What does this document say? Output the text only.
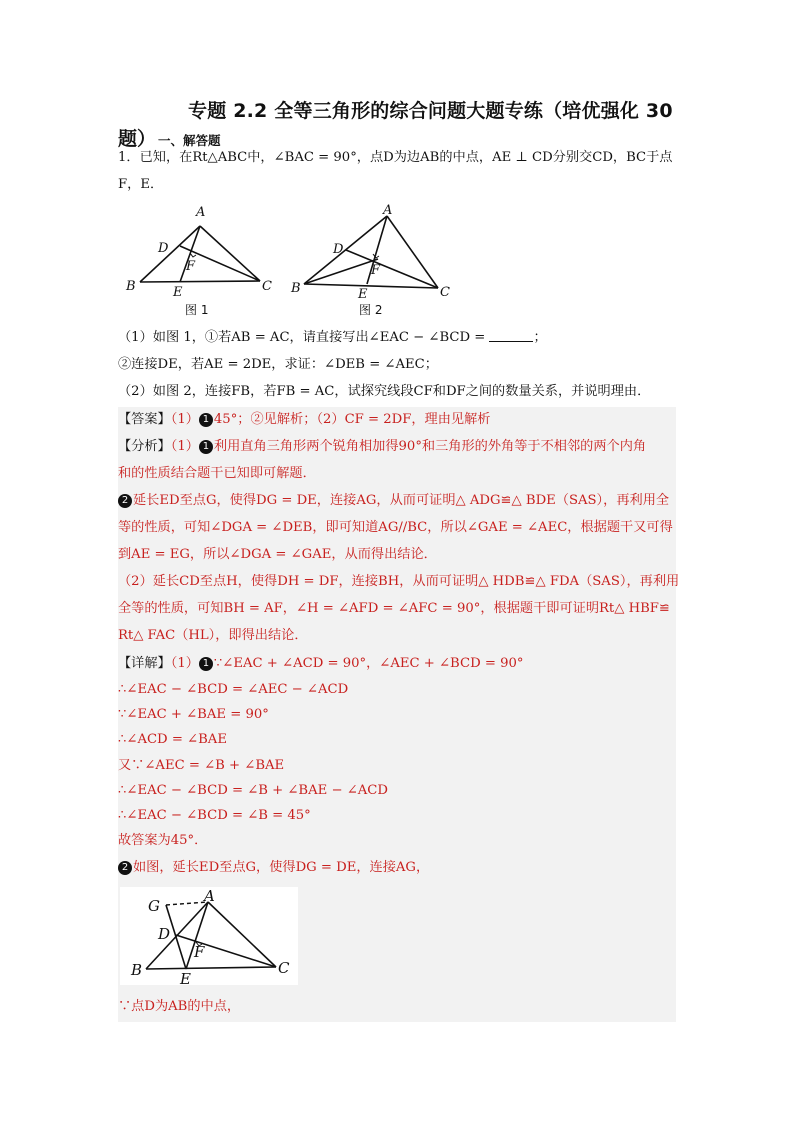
专题 2.2 全等三角形的综合问题大题专练（培优强化 30
题） 一、解答题
1．已知，在Rt△ABC中，∠BAC = 90°，点D为边AB的中点，AE ⊥ CD分别交CD，BC于点
F，E．
A
B	C
D
E
F
图 1
A
B	C
D
E
F
图 2
（1）如图 1，①若AB = AC，请直接写出∠EAC − ∠BCD =	；
②连接DE，若AE = 2DE，求证：∠DEB = ∠AEC；
（2）如图 2，连接FB，若FB = AC，试探究线段CF和DF之间的数量关系，并说明理由．
【答案】（1） 1 45°；②见解析；（2）CF = 2DF，理由见解析
【分析】（1） 1 利用直角三角形两个锐角相加得90°和三角形的外角等于不相邻的两个内角
和的性质结合题干已知即可解题．
2 延长ED至点G，使得DG = DE，连接AG，从而可证明△ ADG≌△ BDE（SAS），再利用全
等的性质，可知∠DGA = ∠DEB，即可知道AG//BC，所以∠GAE = ∠AEC，根据题干又可得
到AE = EG，所以∠DGA = ∠GAE，从而得出结论．
（2）延长CD至点H，使得DH = DF，连接BH，从而可证明△ HDB≌△ FDA（SAS），再利用
全等的性质，可知BH = AF，∠H = ∠AFD = ∠AFC = 90°，根据题干即可证明Rt△ HBF≌
Rt△ FAC（HL），即得出结论．
【详解】（1） 1 ∵∠EAC + ∠ACD = 90°，∠AEC + ∠BCD = 90°
∴∠EAC − ∠BCD = ∠AEC − ∠ACD
∵∠EAC + ∠BAE = 90°
∴∠ACD = ∠BAE
又∵∠AEC = ∠B + ∠BAE
∴∠EAC − ∠BCD = ∠B + ∠BAE − ∠ACD
∴∠EAC − ∠BCD = ∠B = 45°
故答案为45°．
2 如图，延长ED至点G，使得DG = DE，连接AG，
G
A
B	C
D
E
F
∵点D为AB的中点，
